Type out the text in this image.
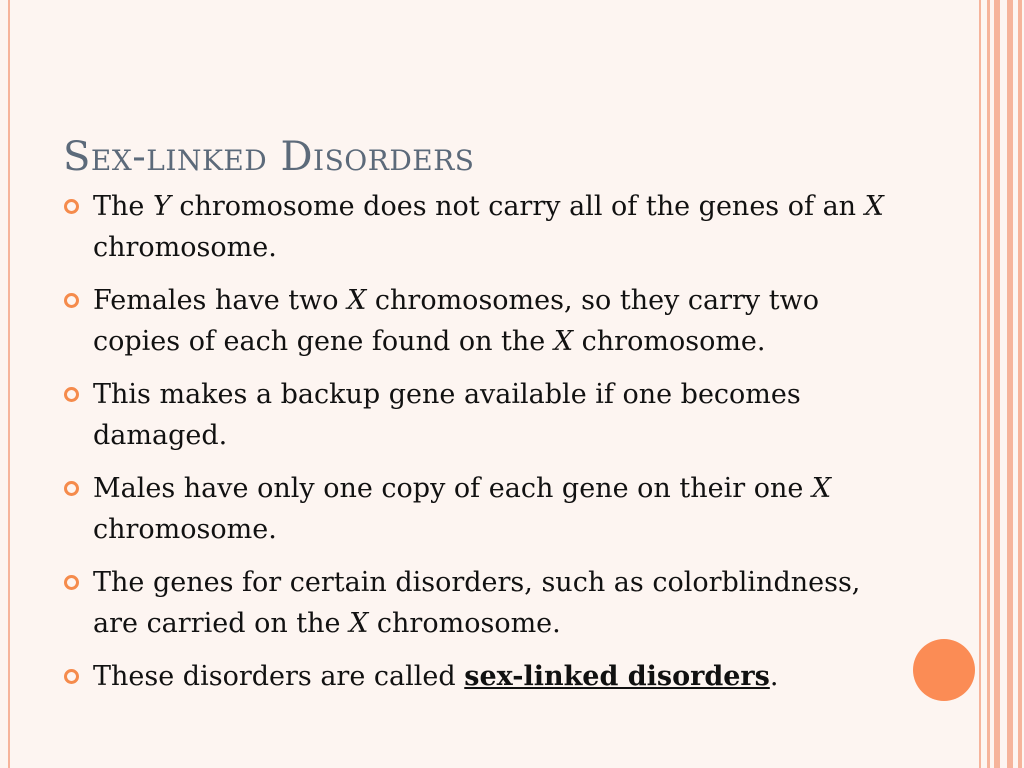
Sex-linked Disorders
The Y chromosome does not carry all of the genes of an X chromosome.
Females have two X chromosomes, so they carry two copies of each gene found on the X chromosome.
This makes a backup gene available if one becomes damaged.
Males have only one copy of each gene on their one X chromosome.
The genes for certain disorders, such as colorblindness, are carried on the X chromosome.
These disorders are called sex-linked disorders.
